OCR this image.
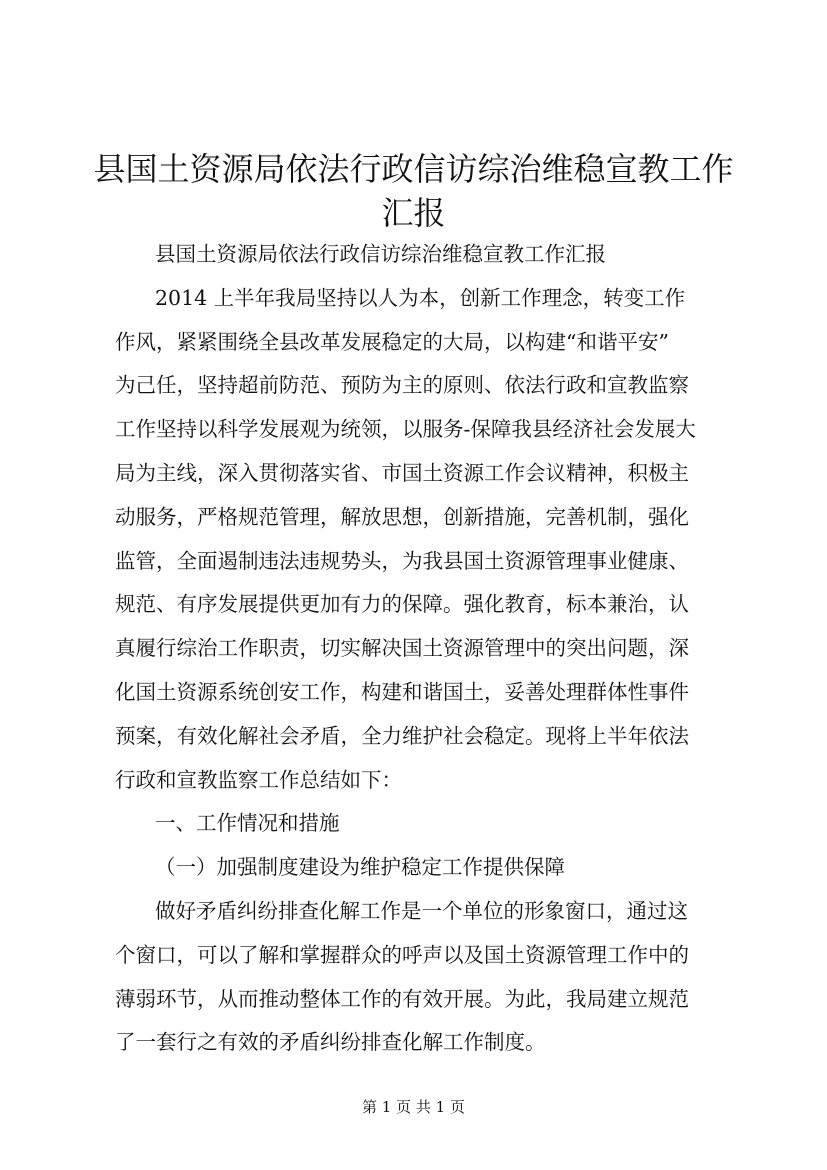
县国土资源局依法行政信访综治维稳宣教工作
汇报
县国土资源局依法行政信访综治维稳宣教工作汇报
2014 上半年我局坚持以人为本，创新工作理念，转变工作
作风，紧紧围绕全县改革发展稳定的大局，以构建“和谐平安”
为己任，坚持超前防范、预防为主的原则、依法行政和宣教监察
工作坚持以科学发展观为统领，以服务-保障我县经济社会发展大
局为主线，深入贯彻落实省、市国土资源工作会议精神，积极主
动服务，严格规范管理，解放思想，创新措施，完善机制，强化
监管，全面遏制违法违规势头，为我县国土资源管理事业健康、
规范、有序发展提供更加有力的保障。强化教育，标本兼治，认
真履行综治工作职责，切实解决国土资源管理中的突出问题，深
化国土资源系统创安工作，构建和谐国土，妥善处理群体性事件
预案，有效化解社会矛盾，全力维护社会稳定。现将上半年依法
行政和宣教监察工作总结如下：
一、工作情况和措施
（一）加强制度建设为维护稳定工作提供保障
做好矛盾纠纷排查化解工作是一个单位的形象窗口，通过这
个窗口，可以了解和掌握群众的呼声以及国土资源管理工作中的
薄弱环节，从而推动整体工作的有效开展。为此，我局建立规范
了一套行之有效的矛盾纠纷排查化解工作制度。
第 1 页 共 1 页
